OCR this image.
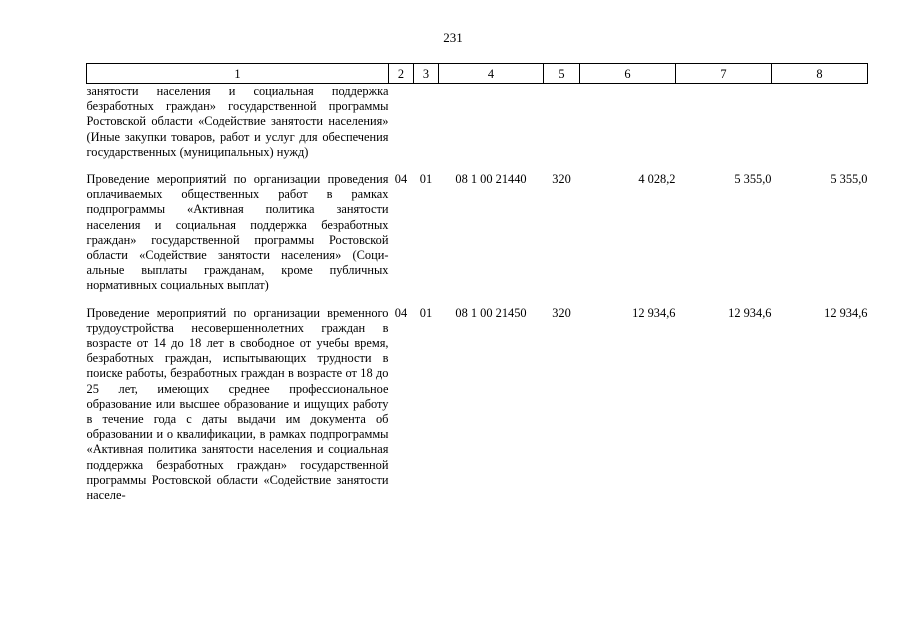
231
1	2	3	4	5	6	7	8
занятости населения и социальная поддержка безработных граждан» государственной программы Ростовской области «Содействие занятости населения» (Иные закупки товаров, работ и услуг для обеспечения государственных (муниципальных) нужд)							
Проведение мероприятий по организации проведения оплачиваемых общественных работ в рамках подпрограммы «Активная политика занятости населения и социальная поддержка безработных граждан» государственной программы Ростовской области «Содействие занятости населения» (Социальные выплаты гражданам, кроме публичных нормативных социальных выплат)	04	01	08 1 00 21440	320	4 028,2	5 355,0	5 355,0
Проведение мероприятий по организации временного трудоустройства несовершеннолетних граждан в возрасте от 14 до 18 лет в свободное от учебы время, безработных граждан, испытывающих трудности в поиске работы, безработных граждан в возрасте от 18 до 25 лет, имеющих среднее профессиональное образование или высшее образование и ищущих работу в течение года с даты выдачи им документа об образовании и о квалификации, в рамках подпрограммы «Активная политика занятости населения и социальная поддержка безработных граждан» государственной программы Ростовской области «Содействие занятости населе-	04	01	08 1 00 21450	320	12 934,6	12 934,6	12 934,6
